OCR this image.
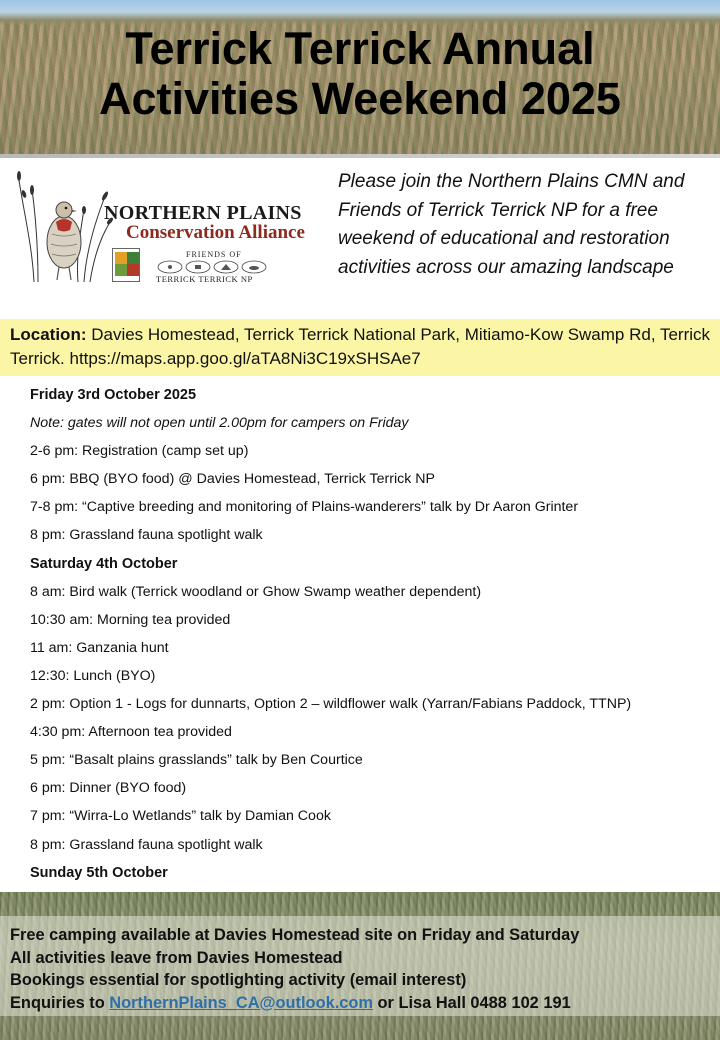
Terrick Terrick Annual
Activities Weekend 2025
NORTHERN PLAINS
Conservation Alliance
FRIENDS OF
TERRICK TERRICK NP

Please join the Northern Plains CMN and Friends of Terrick Terrick NP for a free weekend of educational and restoration activities across our amazing landscape

Location: Davies Homestead, Terrick Terrick National Park, Mitiamo-Kow Swamp Rd, Terrick Terrick. https://maps.app.goo.gl/aTA8Ni3C19xSHSAe7
Friday 3rd October 2025
Note: gates will not open until 2.00pm for campers on Friday
2-6 pm: Registration (camp set up)
6 pm: BBQ (BYO food) @ Davies Homestead, Terrick Terrick NP
7-8 pm: “Captive breeding and monitoring of Plains-wanderers” talk by Dr Aaron Grinter
8 pm: Grassland fauna spotlight walk
Saturday 4th October
8 am: Bird walk (Terrick woodland or Ghow Swamp weather dependent)
10:30 am: Morning tea provided
11 am: Ganzania hunt
12:30: Lunch (BYO)
2 pm: Option 1 - Logs for dunnarts, Option 2 – wildflower walk (Yarran/Fabians Paddock, TTNP)
4:30 pm: Afternoon tea provided
5 pm: “Basalt plains grasslands” talk by Ben Courtice
6 pm: Dinner (BYO food)
7 pm: “Wirra-Lo Wetlands” talk by Damian Cook
8 pm: Grassland fauna spotlight walk
Sunday 5th October
Free camping available at Davies Homestead site on Friday and Saturday
All activities leave from Davies Homestead
Bookings essential for spotlighting activity (email interest)
Enquiries to NorthernPlains_CA@outlook.com or Lisa Hall 0488 102 191
